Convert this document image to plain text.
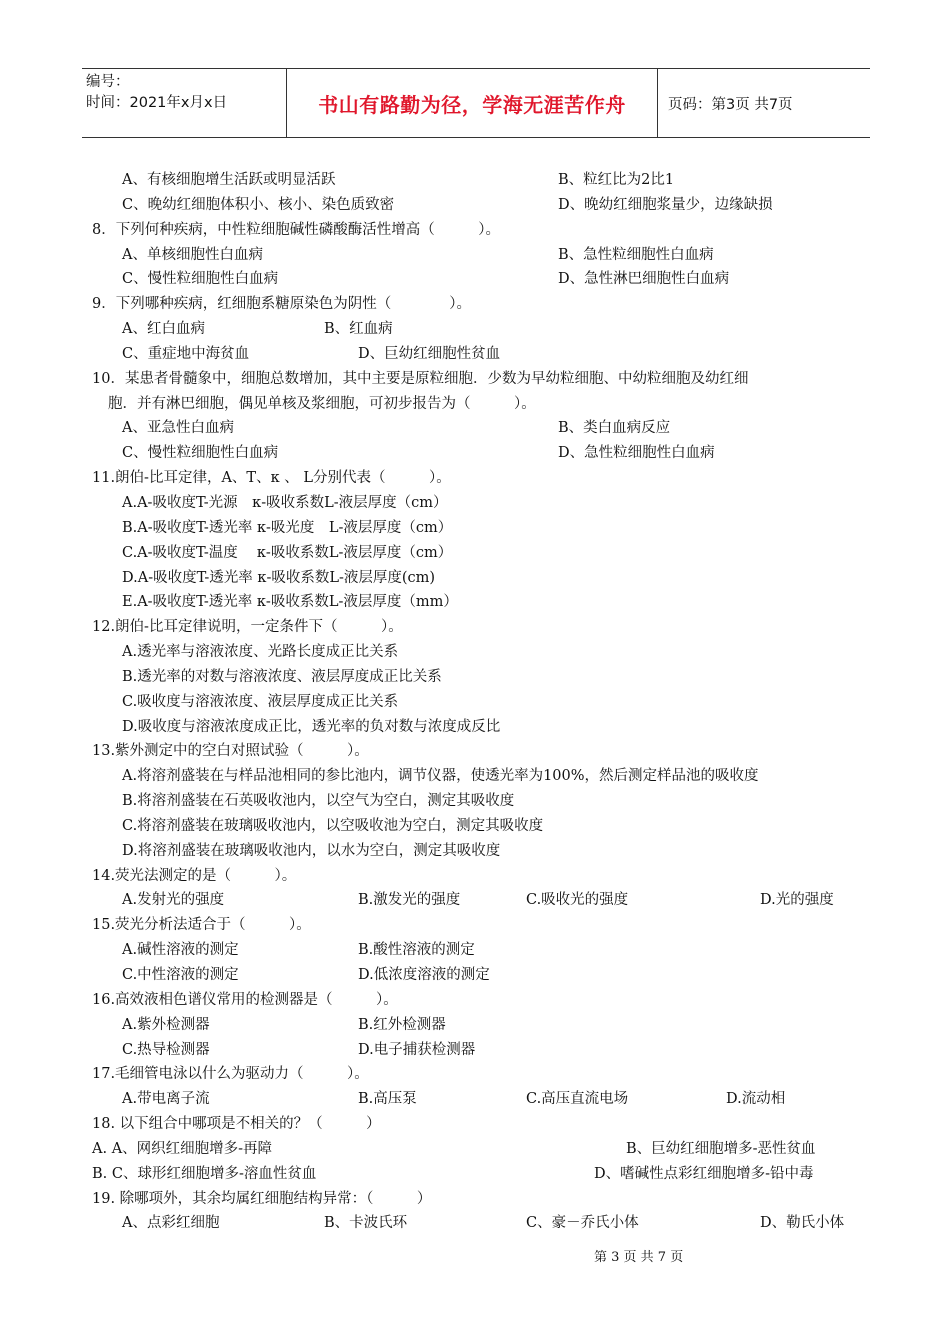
编号：
时间：2021年x月x日	书山有路勤为径，学海无涯苦作舟	页码：第3页 共7页
A、有核细胞增生活跃或明显活跃	B、粒红比为2比1
C、晚幼红细胞体积小、核小、染色质致密	D、晚幼红细胞浆量少，边缘缺损
8．下列何种疾病，中性粒细胞碱性磷酸酶活性增高（　　　）。
A、单核细胞性白血病	B、急性粒细胞性白血病
C、慢性粒细胞性白血病	D、急性淋巴细胞性白血病
9．下列哪种疾病，红细胞系糖原染色为阴性（　　　　）。
A、红白血病	B、红血病
C、重症地中海贫血	D、巨幼红细胞性贫血
10．某患者骨髓象中，细胞总数增加，其中主要是原粒细胞．少数为早幼粒细胞、中幼粒细胞及幼红细
胞．并有淋巴细胞，偶见单核及浆细胞，可初步报告为（　　　）。
A、亚急性白血病	B、类白血病反应
C、慢性粒细胞性白血病	D、急性粒细胞性白血病
11.朗伯-比耳定律，A、T、κ 、 L分别代表（　　　）。
A.A-吸收度T-光源　κ-吸收系数L-液层厚度（cm）
B.A-吸收度T-透光率 κ-吸光度　L-液层厚度（cm）
C.A-吸收度T-温度　 κ-吸收系数L-液层厚度（cm）
D.A-吸收度T-透光率 κ-吸收系数L-液层厚度(cm)
E.A-吸收度T-透光率 κ-吸收系数L-液层厚度（mm）
12.朗伯-比耳定律说明，一定条件下（　　　）。
A.透光率与溶液浓度、光路长度成正比关系
B.透光率的对数与溶液浓度、液层厚度成正比关系
C.吸收度与溶液浓度、液层厚度成正比关系
D.吸收度与溶液浓度成正比，透光率的负对数与浓度成反比
13.紫外测定中的空白对照试验（　　　）。
A.将溶剂盛装在与样品池相同的参比池内，调节仪器，使透光率为100%，然后测定样品池的吸收度
B.将溶剂盛装在石英吸收池内，以空气为空白，测定其吸收度
C.将溶剂盛装在玻璃吸收池内，以空吸收池为空白，测定其吸收度
D.将溶剂盛装在玻璃吸收池内，以水为空白，测定其吸收度
14.荧光法测定的是（　　　）。
A.发射光的强度	B.激发光的强度	C.吸收光的强度	D.光的强度
15.荧光分析法适合于（　　　）。
A.碱性溶液的测定	B.酸性溶液的测定
C.中性溶液的测定	D.低浓度溶液的测定
16.高效液相色谱仪常用的检测器是（　　　）。
A.紫外检测器	B.红外检测器
C.热导检测器	D.电子捕获检测器
17.毛细管电泳以什么为驱动力（　　　）。
A.带电离子流	B.高压泵	C.高压直流电场	D.流动相
18. 以下组合中哪项是不相关的？（　　　）
A. A、网织红细胞增多-再障	B、巨幼红细胞增多-恶性贫血
B. C、球形红细胞增多-溶血性贫血	D、嗜碱性点彩红细胞增多-铅中毒
19. 除哪项外，其余均属红细胞结构异常：（　　　）
A、点彩红细胞	B、卡波氏环	C、豪－乔氏小体	D、勒氏小体
第 3 页 共 7 页
